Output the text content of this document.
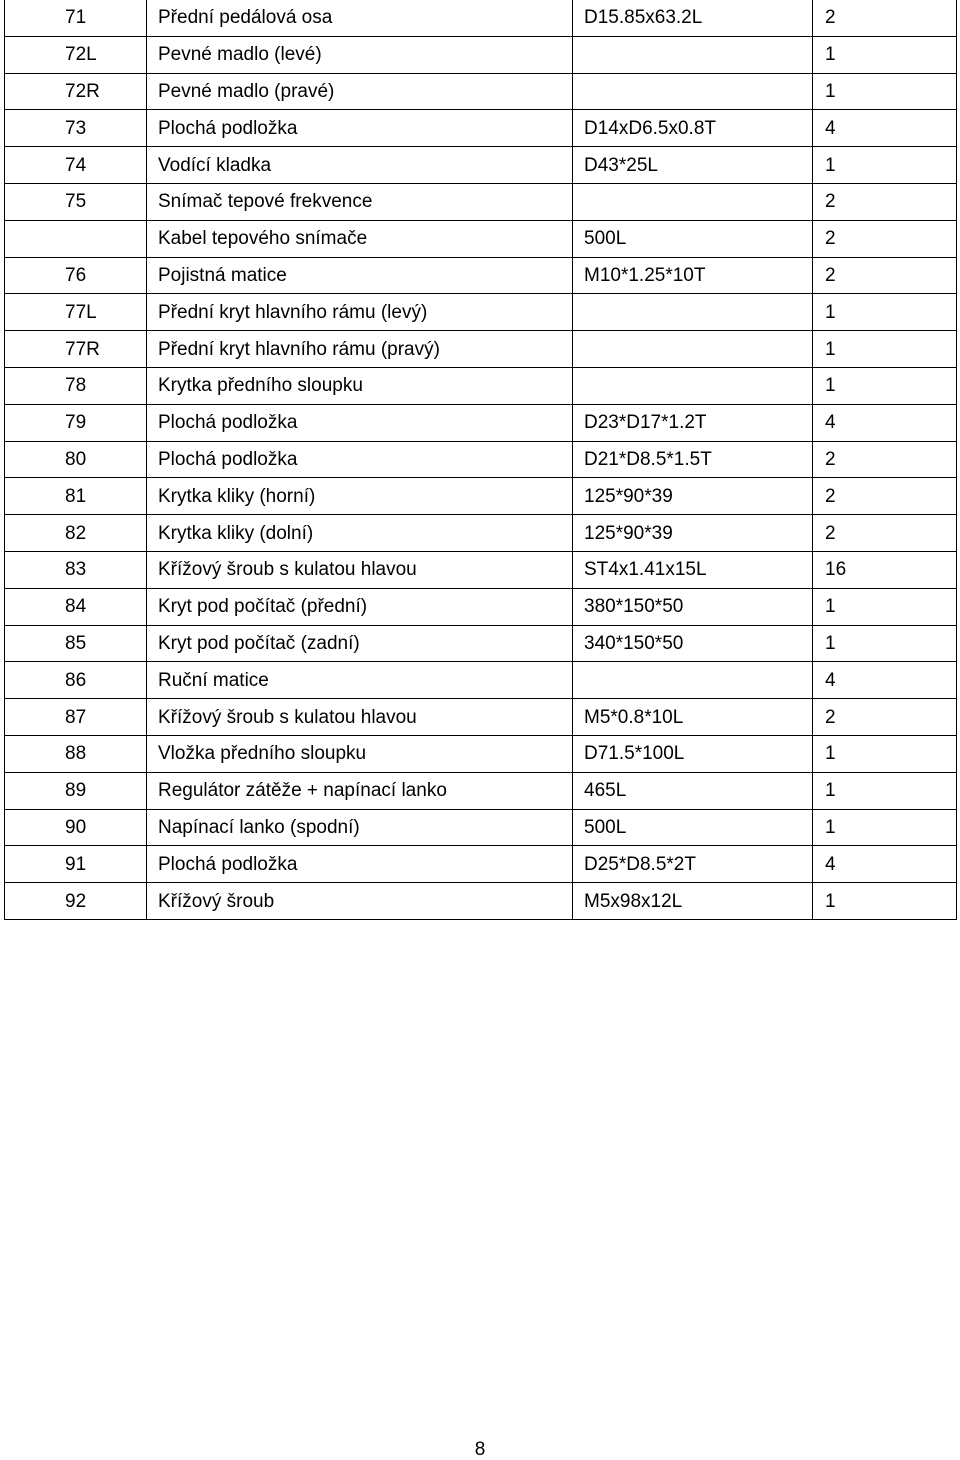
71	Přední pedálová osa	D15.85x63.2L	2
72L	Pevné madlo (levé)		1
72R	Pevné madlo (pravé)		1
73	Plochá podložka	D14xD6.5x0.8T	4
74	Vodící kladka	D43*25L	1
75	Snímač tepové frekvence		2
	Kabel tepového snímače	500L	2
76	Pojistná matice	M10*1.25*10T	2
77L	Přední kryt hlavního rámu (levý)		1
77R	Přední kryt hlavního rámu (pravý)		1
78	Krytka předního sloupku		1
79	Plochá podložka	D23*D17*1.2T	4
80	Plochá podložka	D21*D8.5*1.5T	2
81	Krytka kliky (horní)	125*90*39	2
82	Krytka kliky (dolní)	125*90*39	2
83	Křížový šroub s kulatou hlavou	ST4x1.41x15L	16
84	Kryt pod počítač (přední)	380*150*50	1
85	Kryt pod počítač (zadní)	340*150*50	1
86	Ruční matice		4
87	Křížový šroub s kulatou hlavou	M5*0.8*10L	2
88	Vložka předního sloupku	D71.5*100L	1
89	Regulátor zátěže + napínací lanko	465L	1
90	Napínací lanko (spodní)	500L	1
91	Plochá podložka	D25*D8.5*2T	4
92	Křížový šroub	M5x98x12L	1
8
